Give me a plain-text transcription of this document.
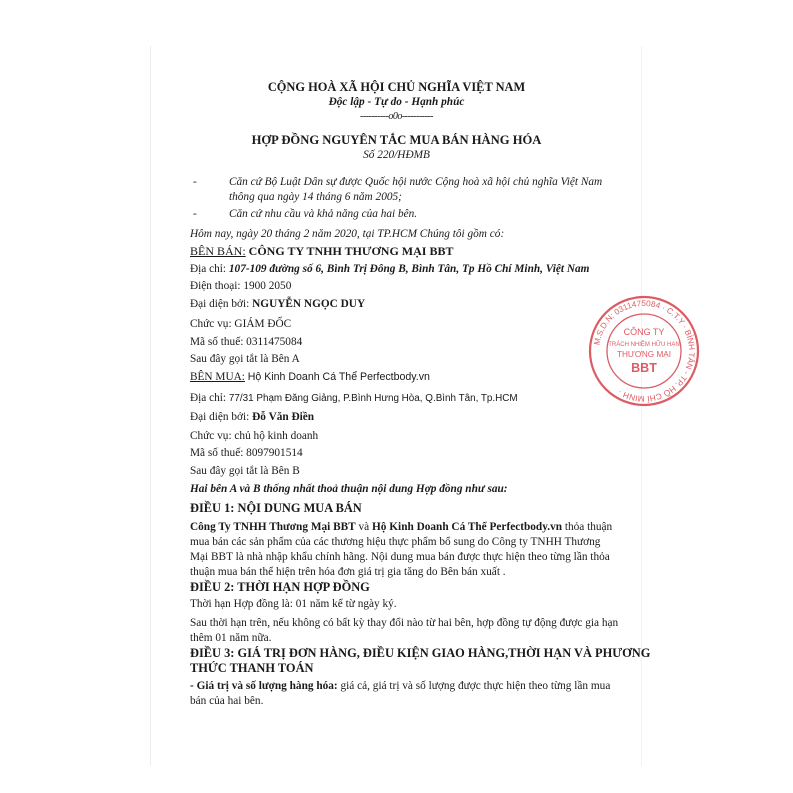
CỘNG HOÀ XÃ HỘI CHỦ NGHĨA VIỆT NAM
Độc lập - Tự do - Hạnh phúc
----------o0o-----------
HỢP ĐỒNG NGUYÊN TẮC MUA BÁN HÀNG HÓA
Số 220/HĐMB
-	Căn cứ Bộ Luật Dân sự được Quốc hội nước Cộng hoà xã hội chủ nghĩa Việt Nam
thông qua ngày 14 tháng 6 năm 2005;
-	Căn cứ nhu cầu và khả năng của hai bên.
Hôm nay, ngày 20 tháng 2 năm 2020, tại TP.HCM Chúng tôi gồm có:
BÊN BÁN: CÔNG TY TNHH THƯƠNG MẠI BBT
Địa chỉ: 107-109 đường số 6, Bình Trị Đông B, Bình Tân, Tp Hồ Chí Minh, Việt Nam
Điện thoại: 1900 2050
Đại diện bởi: NGUYỄN NGỌC DUY
Chức vụ: GIÁM ĐỐC
Mã số thuế: 0311475084
Sau đây gọi tắt là Bên A
BÊN MUA: Hộ Kinh Doanh Cá Thể Perfectbody.vn
Địa chỉ: 77/31 Phạm Đăng Giảng, P.Bình Hưng Hòa, Q.Bình Tân, Tp.HCM
Đại diện bởi: Đỗ Văn Điền
Chức vụ: chủ hộ kinh doanh
Mã số thuế: 8097901514
Sau đây gọi tắt là Bên B
Hai bên A và B thống nhất thoả thuận nội dung Hợp đồng như sau:
ĐIỀU 1: NỘI DUNG MUA BÁN
Công Ty TNHH Thương Mại BBT và Hộ Kinh Doanh Cá Thể Perfectbody.vn thỏa thuận
mua bán các sản phẩm của các thương hiệu thực phẩm bổ sung do Công ty TNHH Thương
Mại BBT là nhà nhập khẩu chính hãng. Nội dung mua bán được thực hiện theo từng lần thỏa
thuận mua bán thể hiện trên hóa đơn giá trị gia tăng do Bên bán xuất .
ĐIỀU 2: THỜI HẠN HỢP ĐỒNG
Thời hạn Hợp đồng là: 01 năm kể từ ngày ký.
Sau thời hạn trên, nếu không có bất kỳ thay đổi nào từ hai bên, hợp đồng tự động được gia hạn
thêm 01 năm nữa.
ĐIỀU 3: GIÁ TRỊ ĐƠN HÀNG, ĐIỀU KIỆN GIAO HÀNG,THỜI HẠN VÀ PHƯƠNG
THỨC THANH TOÁN
- Giá trị và số lượng hàng hóa: giá cả, giá trị và số lượng được thực hiện theo từng lần mua
bán của hai bên.
M.S.D.N: 0311475084 · C.T.Y · BÌNH TÂN - TP. HỒ CHÍ MINH ·
CÔNG TY
TRÁCH NHIỆM HỮU HẠN
THƯƠNG MẠI
BBT
